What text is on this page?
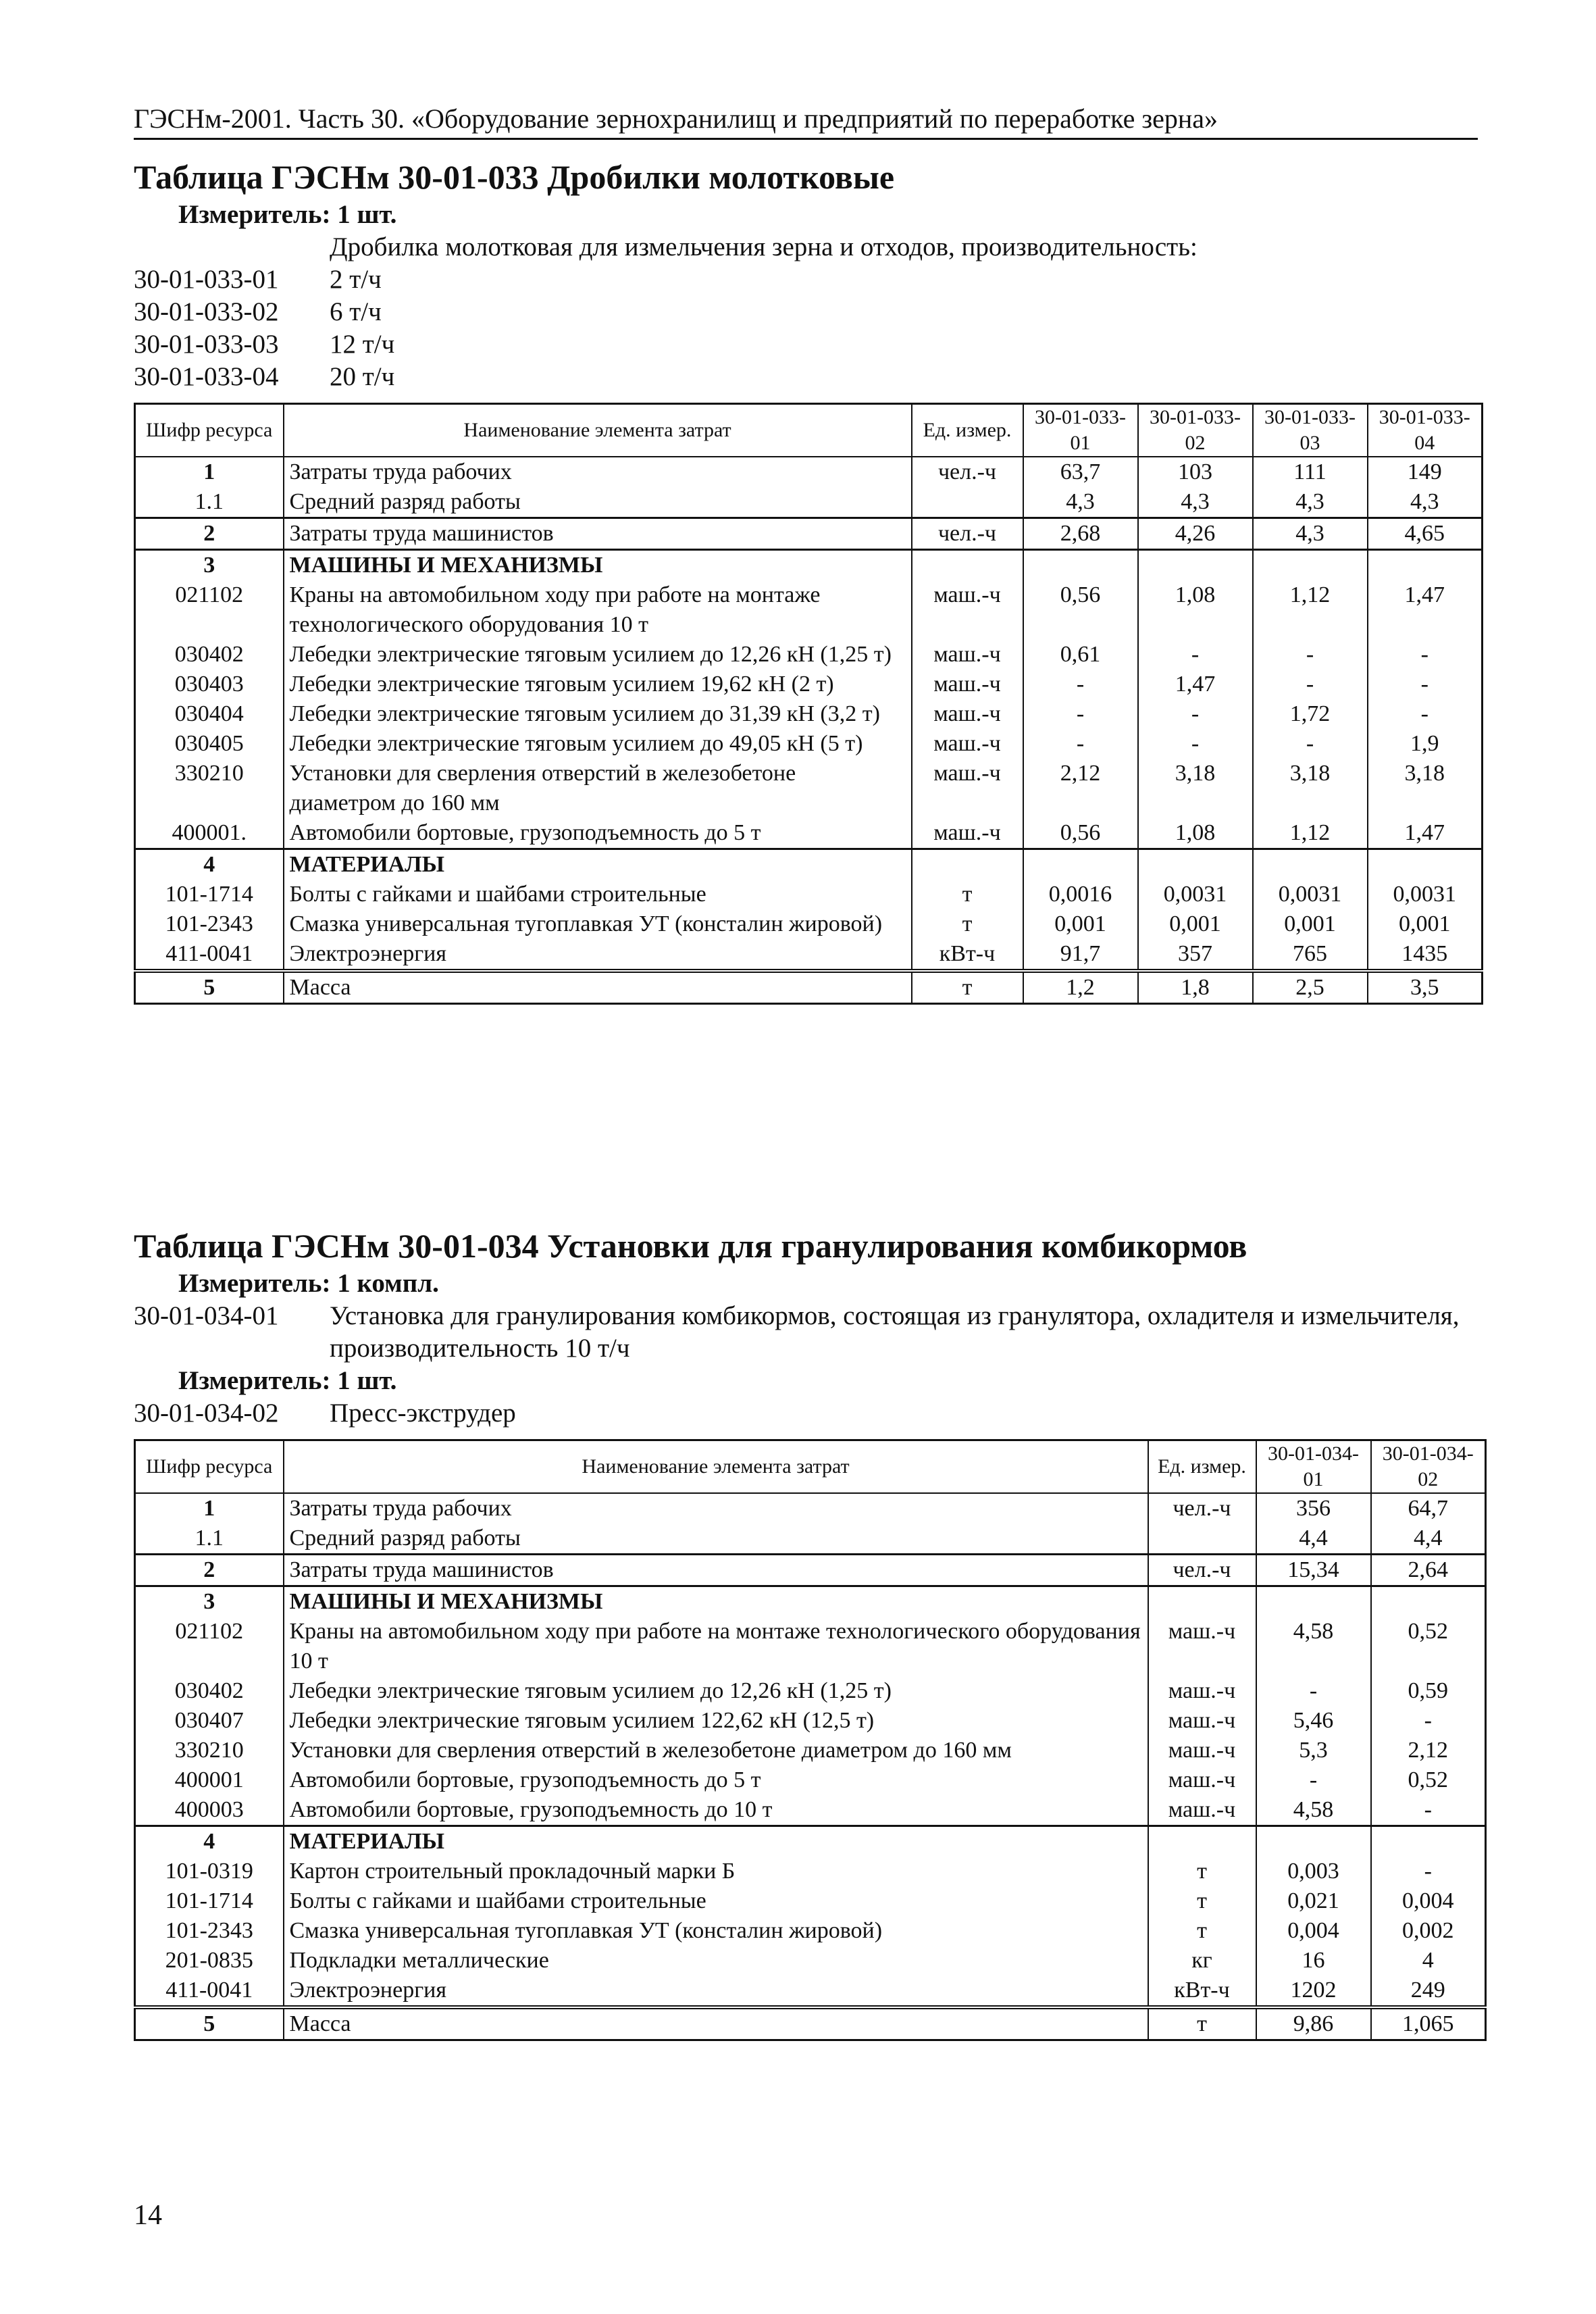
ГЭСНм-2001. Часть 30. «Оборудование зернохранилищ и предприятий по переработке зерна»
Таблица ГЭСНм 30-01-033 Дробилки молотковые
Измеритель: 1 шт.
Дробилка молотковая для измельчения зерна и отходов, производительность:
30-01-033-01	2 т/ч
30-01-033-02	6 т/ч
30-01-033-03	12 т/ч
30-01-033-04	20 т/ч
Шифр ресурса	Наименование элемента затрат	Ед. измер.	30-01-033-01	30-01-033-02	30-01-033-03	30-01-033-04
1	Затраты труда рабочих	чел.-ч	63,7	103	111	149
1.1	Средний разряд работы		4,3	4,3	4,3	4,3
2	Затраты труда машинистов	чел.-ч	2,68	4,26	4,3	4,65
3	МАШИНЫ И МЕХАНИЗМЫ					
021102	Краны на автомобильном ходу при работе на монтаже технологического оборудования 10 т	маш.-ч	0,56	1,08	1,12	1,47
030402	Лебедки электрические тяговым усилием до 12,26 кН (1,25 т)	маш.-ч	0,61	-	-	-
030403	Лебедки электрические тяговым усилием 19,62 кН (2 т)	маш.-ч	-	1,47	-	-
030404	Лебедки электрические тяговым усилием до 31,39 кН (3,2 т)	маш.-ч	-	-	1,72	-
030405	Лебедки электрические тяговым усилием до 49,05 кН (5 т)	маш.-ч	-	-	-	1,9
330210	Установки для сверления отверстий в железобетоне диаметром до 160 мм	маш.-ч	2,12	3,18	3,18	3,18
400001.	Автомобили бортовые, грузоподъемность до 5 т	маш.-ч	0,56	1,08	1,12	1,47
4	МАТЕРИАЛЫ					
101-1714	Болты с гайками и шайбами строительные	т	0,0016	0,0031	0,0031	0,0031
101-2343	Смазка универсальная тугоплавкая УТ (консталин жировой)	т	0,001	0,001	0,001	0,001
411-0041	Электроэнергия	кВт-ч	91,7	357	765	1435
5	Масса	т	1,2	1,8	2,5	3,5
Таблица ГЭСНм 30-01-034 Установки для гранулирования комбикормов
Измеритель: 1 компл.
30-01-034-01	Установка для гранулирования комбикормов, состоящая из гранулятора, охладителя и измельчителя, производительность 10 т/ч
Измеритель: 1 шт.
30-01-034-02	Пресс-экструдер
Шифр ресурса	Наименование элемента затрат	Ед. измер.	30-01-034-01	30-01-034-02
1	Затраты труда рабочих	чел.-ч	356	64,7
1.1	Средний разряд работы		4,4	4,4
2	Затраты труда машинистов	чел.-ч	15,34	2,64
3	МАШИНЫ И МЕХАНИЗМЫ			
021102	Краны на автомобильном ходу при работе на монтаже технологического оборудования 10 т	маш.-ч	4,58	0,52
030402	Лебедки электрические тяговым усилием до 12,26 кН (1,25 т)	маш.-ч	-	0,59
030407	Лебедки электрические тяговым усилием 122,62 кН (12,5 т)	маш.-ч	5,46	-
330210	Установки для сверления отверстий в железобетоне диаметром до 160 мм	маш.-ч	5,3	2,12
400001	Автомобили бортовые, грузоподъемность до 5 т	маш.-ч	-	0,52
400003	Автомобили бортовые, грузоподъемность до 10 т	маш.-ч	4,58	-
4	МАТЕРИАЛЫ			
101-0319	Картон строительный прокладочный марки Б	т	0,003	-
101-1714	Болты с гайками и шайбами строительные	т	0,021	0,004
101-2343	Смазка универсальная тугоплавкая УТ (консталин жировой)	т	0,004	0,002
201-0835	Подкладки металлические	кг	16	4
411-0041	Электроэнергия	кВт-ч	1202	249
5	Масса	т	9,86	1,065
14
